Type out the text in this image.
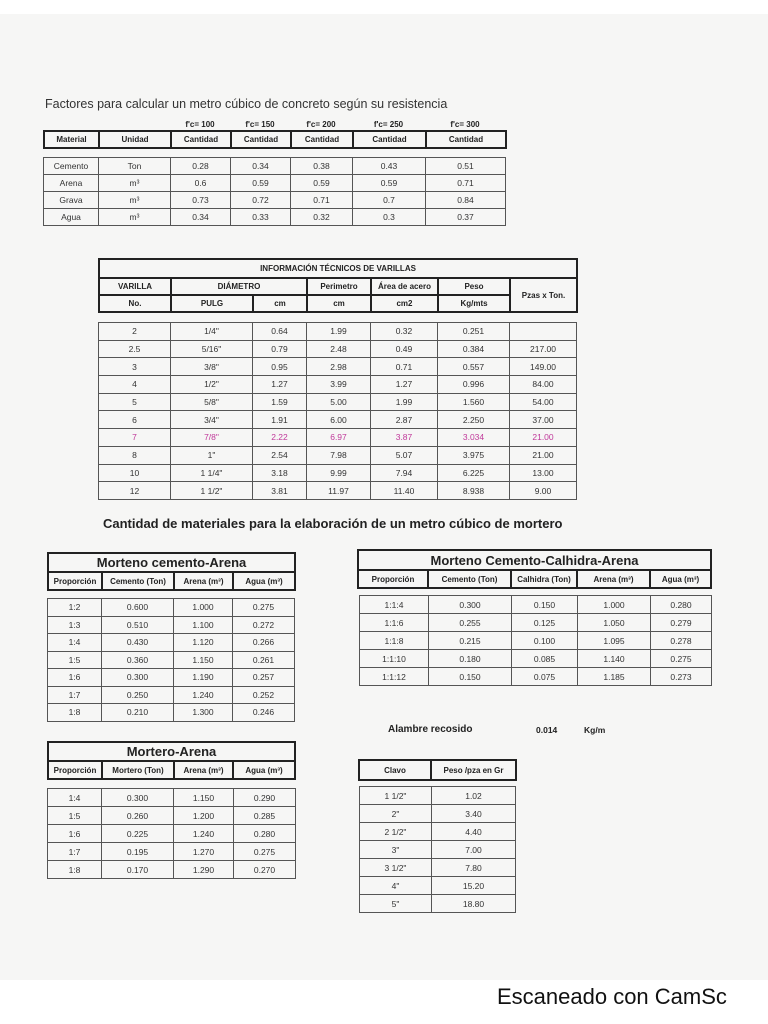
Factores para calcular un metro cúbico de concreto según su resistencia
		f'c= 100	f'c= 150	f'c= 200	f'c= 250	f'c= 300
Material	Unidad	Cantidad	Cantidad	Cantidad	Cantidad	Cantidad
Cemento	Ton	0.28	0.34	0.38	0.43	0.51
Arena	m³	0.6	0.59	0.59	0.59	0.71
Grava	m³	0.73	0.72	0.71	0.7	0.84
Agua	m³	0.34	0.33	0.32	0.3	0.37
INFORMACIÓN TÉCNICOS DE VARILLAS						
VARILLA	DIÁMETRO		Perimetro	Área de acero	Peso	Pzas x Ton.
No.	PULG	cm	cm	cm2	Kg/mts	
2	1/4"	0.64	1.99	0.32	0.251	
2.5	5/16"	0.79	2.48	0.49	0.384	217.00
3	3/8"	0.95	2.98	0.71	0.557	149.00
4	1/2"	1.27	3.99	1.27	0.996	84.00
5	5/8"	1.59	5.00	1.99	1.560	54.00
6	3/4"	1.91	6.00	2.87	2.250	37.00
7	7/8"	2.22	6.97	3.87	3.034	21.00
8	1"	2.54	7.98	5.07	3.975	21.00
10	1 1/4"	3.18	9.99	7.94	6.225	13.00
12	1 1/2"	3.81	11.97	11.40	8.938	9.00
Cantidad de materiales para la elaboración de un metro cúbico de mortero
Morteno cemento-Arena
Proporción	Cemento (Ton)	Arena (m³)	Agua (m³)
1:2	0.600	1.000	0.275
1:3	0.510	1.100	0.272
1:4	0.430	1.120	0.266
1:5	0.360	1.150	0.261
1:6	0.300	1.190	0.257
1:7	0.250	1.240	0.252
1:8	0.210	1.300	0.246
Morteno Cemento-Calhidra-Arena
Proporción	Cemento (Ton)	Calhidra (Ton)	Arena (m³)	Agua (m³)
1:1:4	0.300	0.150	1.000	0.280
1:1:6	0.255	0.125	1.050	0.279
1:1:8	0.215	0.100	1.095	0.278
1:1:10	0.180	0.085	1.140	0.275
1:1:12	0.150	0.075	1.185	0.273
Alambre recosido	0.014	Kg/m
Mortero-Arena
Proporción	Mortero (Ton)	Arena (m³)	Agua (m³)
1:4	0.300	1.150	0.290
1:5	0.260	1.200	0.285
1:6	0.225	1.240	0.280
1:7	0.195	1.270	0.275
1:8	0.170	1.290	0.270
Clavo	Peso /pza en Gr
1 1/2"	1.02
2"	3.40
2 1/2"	4.40
3"	7.00
3 1/2"	7.80
4"	15.20
5"	18.80
Escaneado con CamSc
